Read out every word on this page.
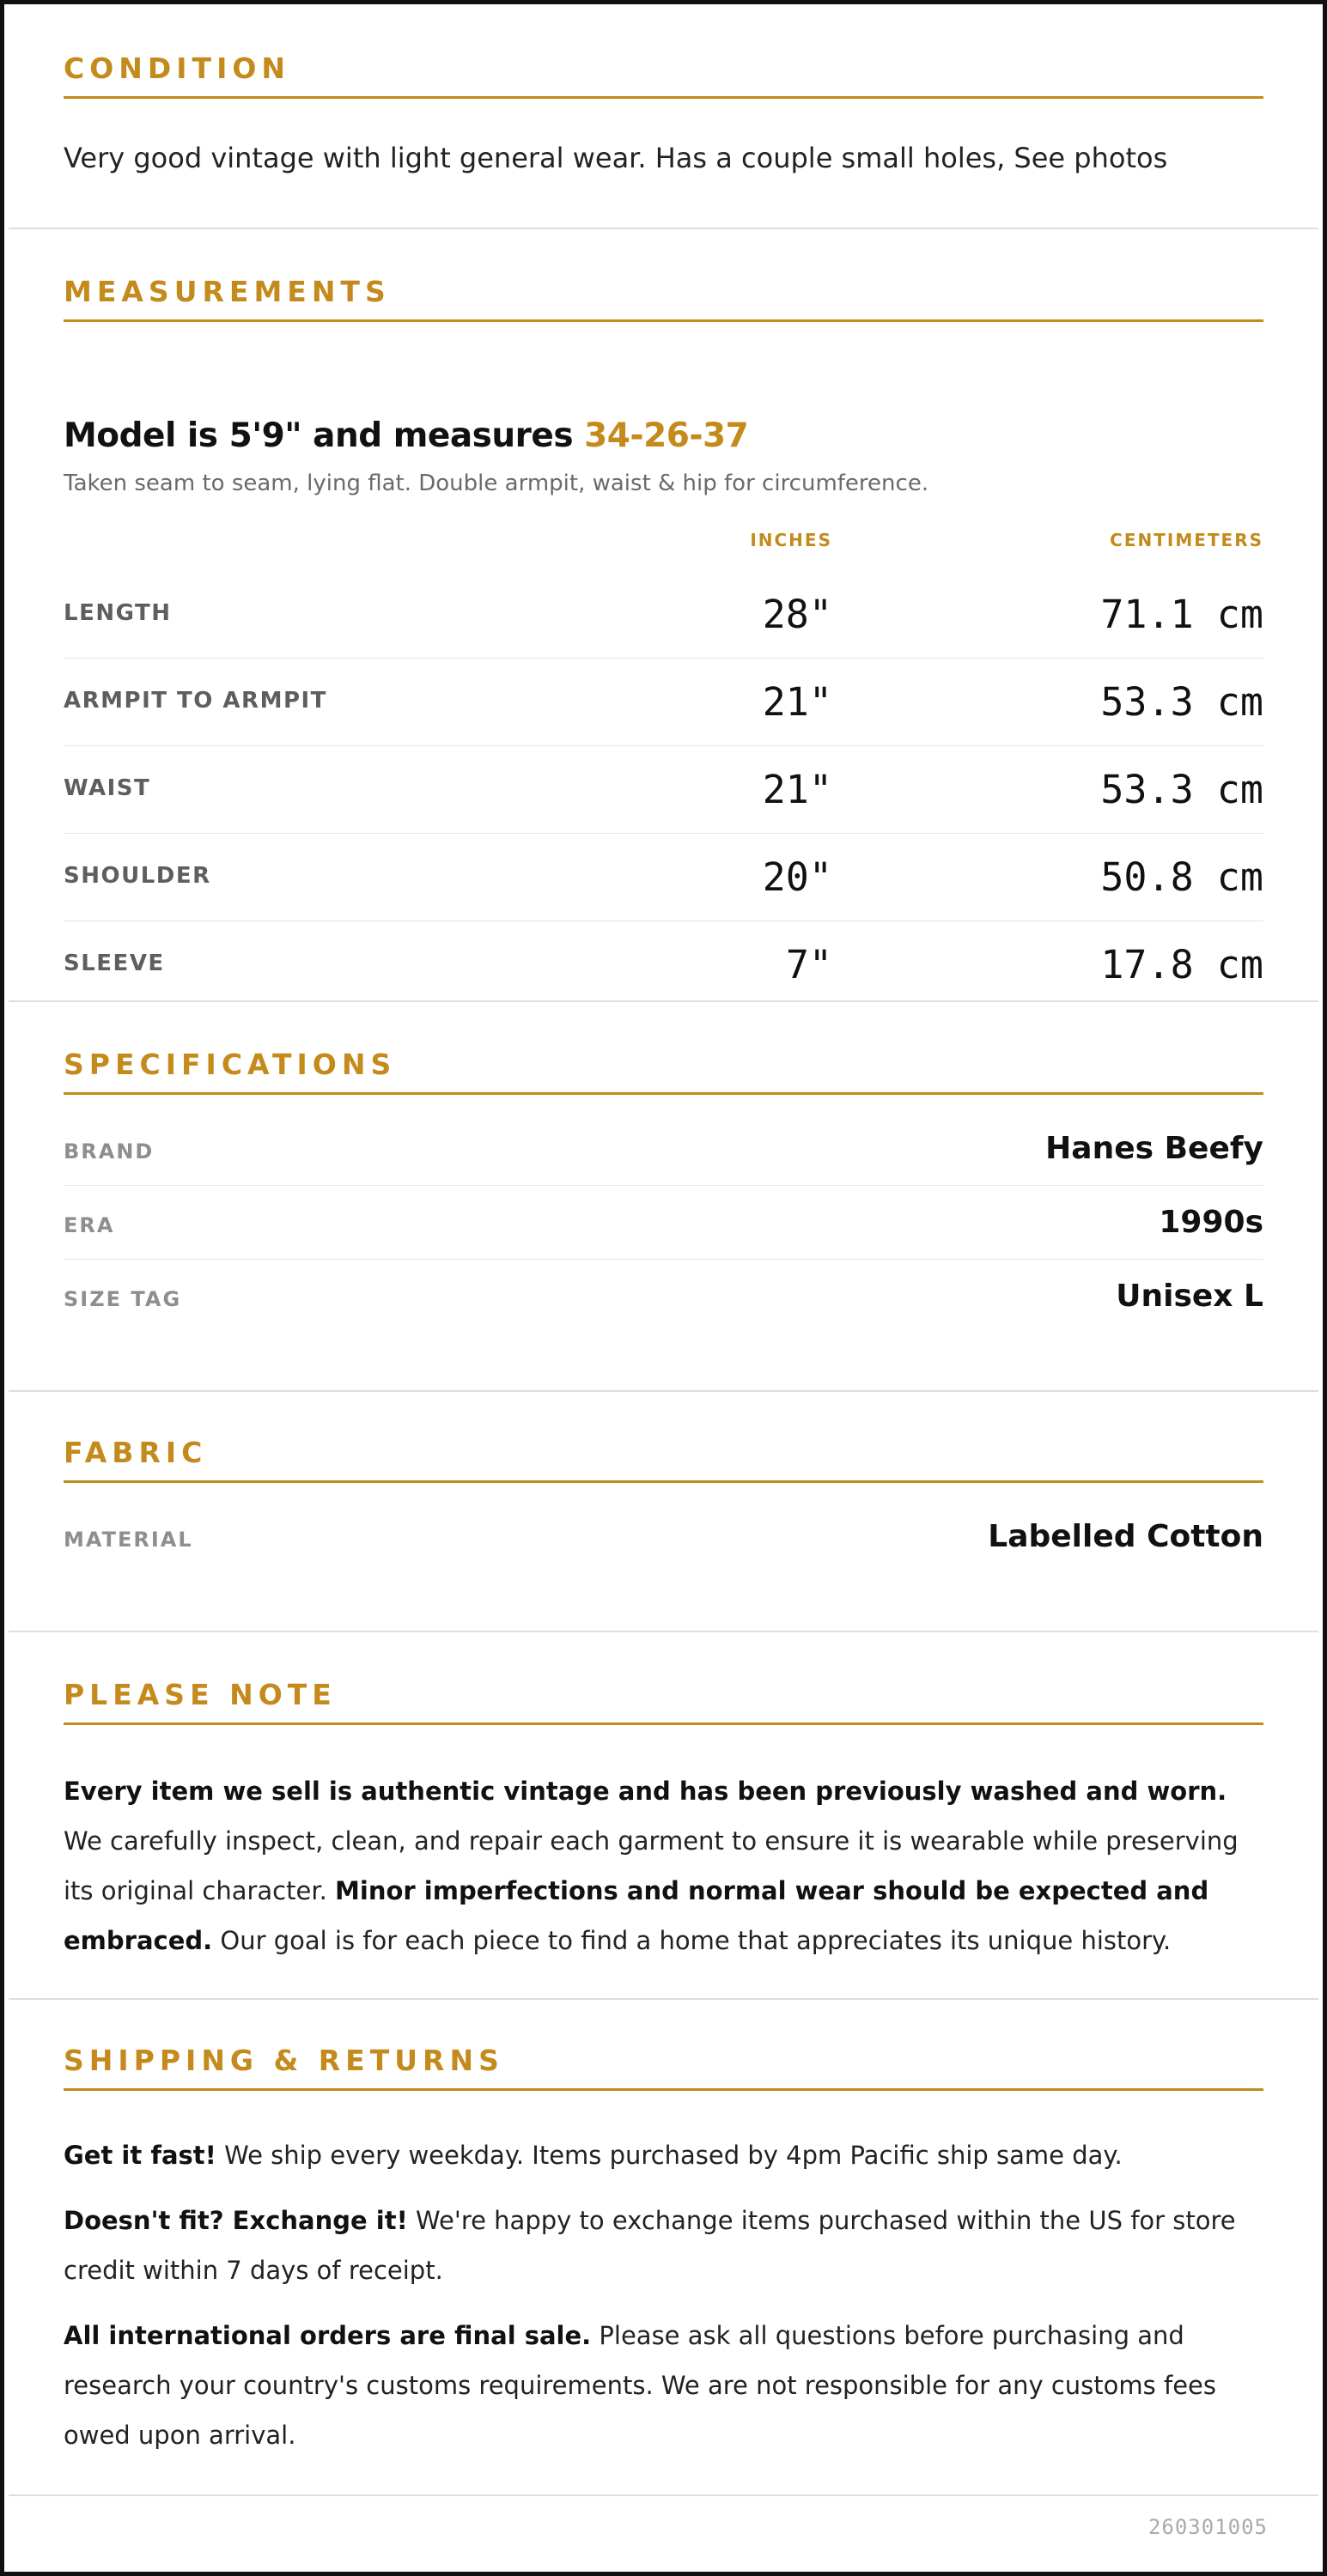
CONDITION
Very good vintage with light general wear. Has a couple small holes, See photos
MEASUREMENTS
Model is 5'9" and measures 34-26-37
Taken seam to seam, lying flat. Double armpit, waist & hip for circumference.
INCHES	CENTIMETERS
LENGTH	28"	71.1 cm
ARMPIT TO ARMPIT	21"	53.3 cm
WAIST	21"	53.3 cm
SHOULDER	20"	50.8 cm
SLEEVE	7"	17.8 cm
SPECIFICATIONS
BRAND	Hanes Beefy
ERA	1990s
SIZE TAG	Unisex L
FABRIC
MATERIAL	Labelled Cotton
PLEASE NOTE
Every item we sell is authentic vintage and has been previously washed and worn. We carefully inspect, clean, and repair each garment to ensure it is wearable while preserving its original character. Minor imperfections and normal wear should be expected and embraced. Our goal is for each piece to find a home that appreciates its unique history.
SHIPPING & RETURNS
Get it fast! We ship every weekday. Items purchased by 4pm Pacific ship same day.
Doesn't fit? Exchange it! We're happy to exchange items purchased within the US for store credit within 7 days of receipt.
All international orders are final sale. Please ask all questions before purchasing and research your country's customs requirements. We are not responsible for any customs fees owed upon arrival.
260301005
